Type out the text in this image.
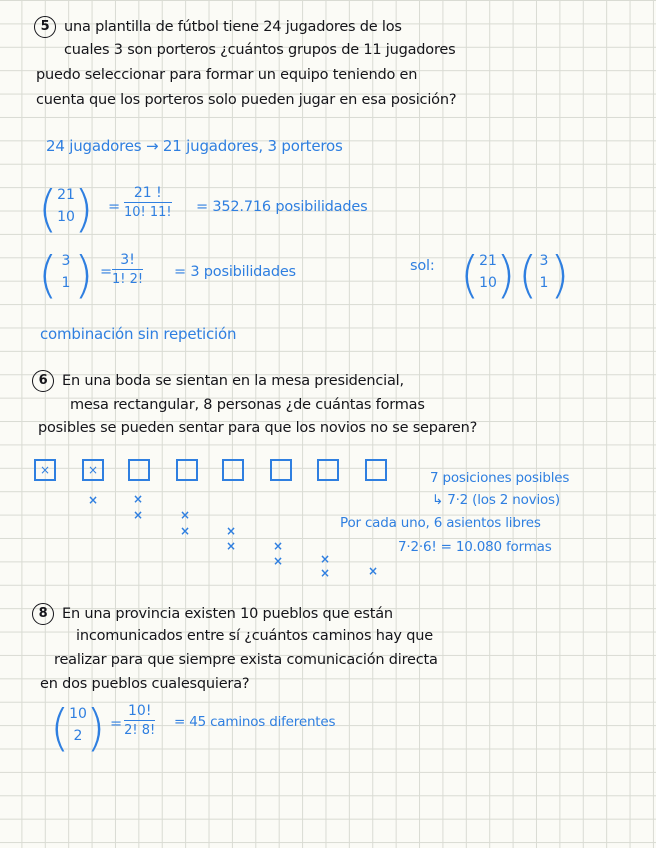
5 una plantilla de fútbol tiene 24 jugadores de los
cuales 3 son porteros ¿cuántos grupos de 11 jugadores
puedo seleccionar para formar un equipo teniendo en
cuenta que los porteros solo pueden jugar en esa posición?
24 jugadores → 21 jugadores, 3 porteros
( 21
10 ) = $\frac{21 !}{10! 11!} = 352.716$ posibilidades
( 3
1 ) = $\frac{3!}{1! 2!} = 3$ posibilidades	sol: ( 21
10 ) ( 3
1 )
combinación sin repetición
6 En una boda se sientan en la mesa presidencial,
mesa rectangular, 8 personas ¿de cuántas formas
posibles se pueden sentar para que los novios no se separen?
×	×
×	×
×	×
×	×
×	×
×	×
×	×
7 posiciones posibles
↳ 7·2 (los 2 novios)
Por cada uno, 6 asientos libres
7·2·6! = 10.080 formas
8 En una provincia existen 10 pueblos que están
incomunicados entre sí ¿cuántos caminos hay que
realizar para que siempre exista comunicación directa
en dos pueblos cualesquiera?
( 10
2 ) = $\frac{10!}{2! 8!} = 45$ caminos diferentes
